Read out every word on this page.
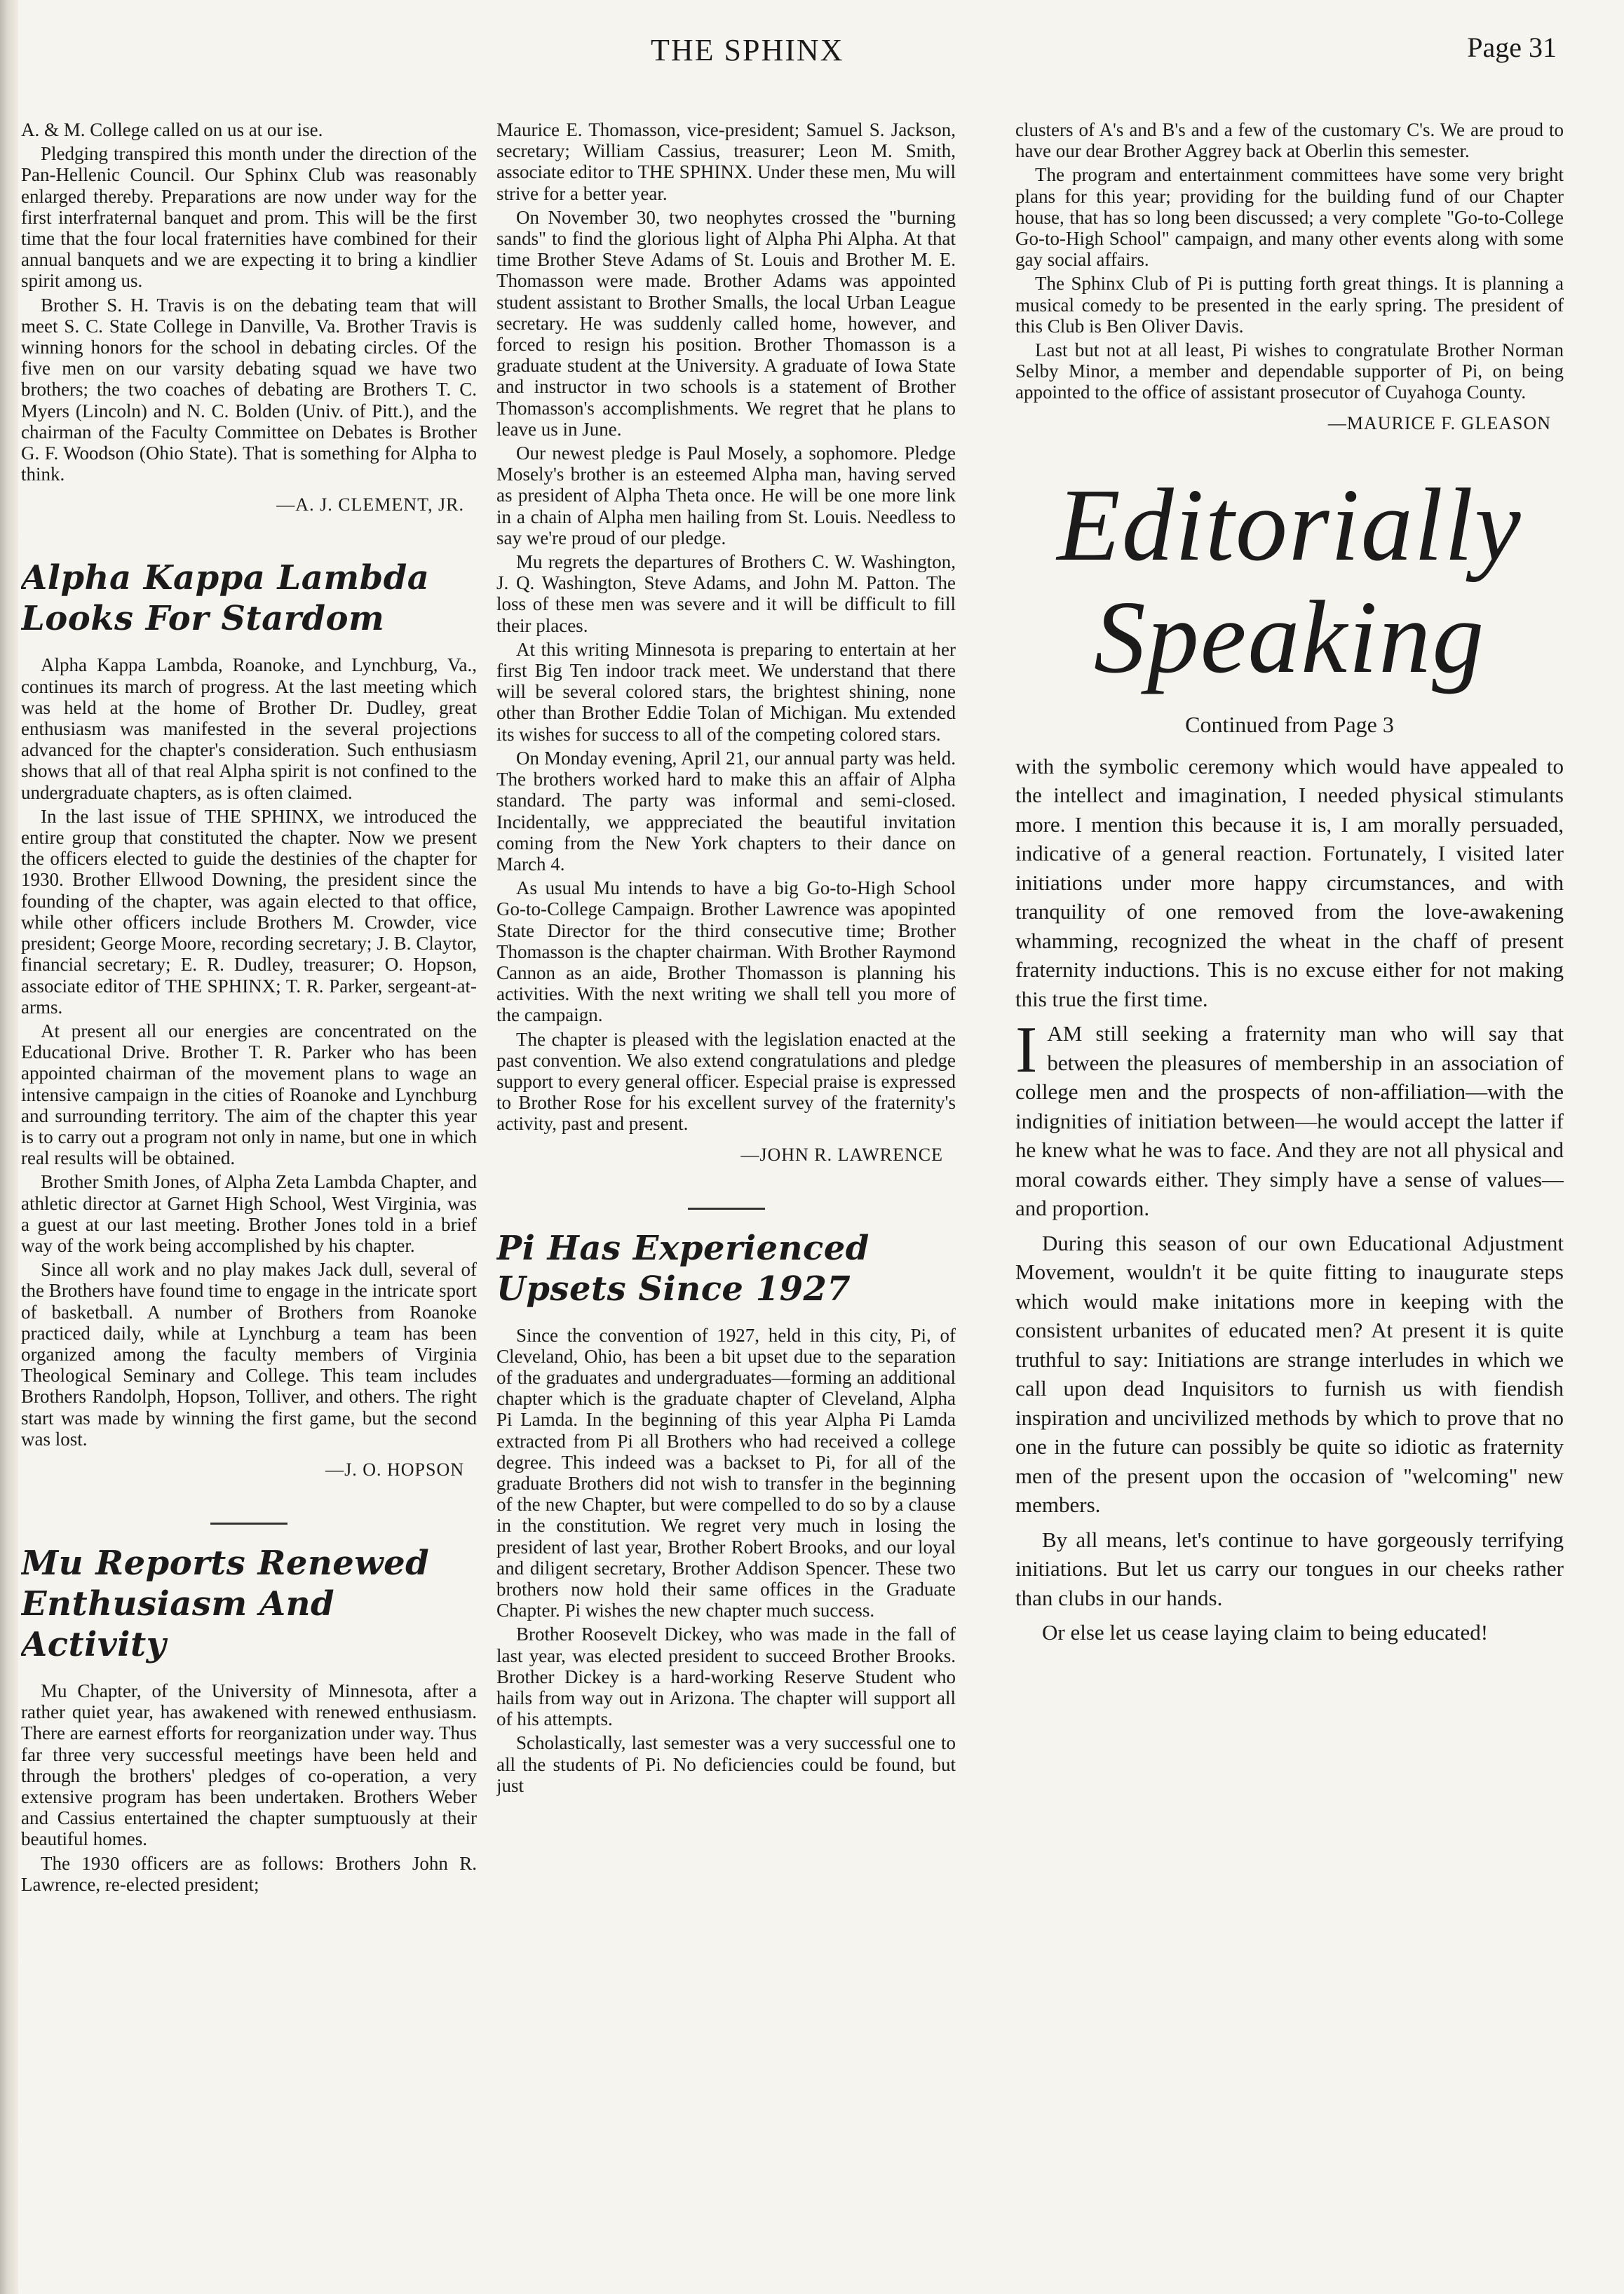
THE SPHINX	Page 31

A. & M. College called on us at our ise.

Pledging transpired this month under the direction of the Pan-Hellenic Council. Our Sphinx Club was reasonably enlarged thereby. Preparations are now under way for the first interfraternal banquet and prom. This will be the first time that the four local fraternities have combined for their annual banquets and we are expecting it to bring a kindlier spirit among us.

Brother S. H. Travis is on the debating team that will meet S. C. State College in Danville, Va. Brother Travis is winning honors for the school in debating circles. Of the five men on our varsity debating squad we have two brothers; the two coaches of debating are Brothers T. C. Myers (Lincoln) and N. C. Bolden (Univ. of Pitt.), and the chairman of the Faculty Committee on Debates is Brother G. F. Woodson (Ohio State). That is something for Alpha to think.

—A. J. CLEMENT, JR.
Alpha Kappa Lambda Looks For Stardom

Alpha Kappa Lambda, Roanoke, and Lynchburg, Va., continues its march of progress. At the last meeting which was held at the home of Brother Dr. Dudley, great enthusiasm was manifested in the several projections advanced for the chapter's consideration. Such enthusiasm shows that all of that real Alpha spirit is not confined to the undergraduate chapters, as is often claimed.

In the last issue of THE SPHINX, we introduced the entire group that constituted the chapter. Now we present the officers elected to guide the destinies of the chapter for 1930. Brother Ellwood Downing, the president since the founding of the chapter, was again elected to that office, while other officers include Brothers M. Crowder, vice president; George Moore, recording secretary; J. B. Claytor, financial secretary; E. R. Dudley, treasurer; O. Hopson, associate editor of THE SPHINX; T. R. Parker, sergeant-at-arms.

At present all our energies are concentrated on the Educational Drive. Brother T. R. Parker who has been appointed chairman of the movement plans to wage an intensive campaign in the cities of Roanoke and Lynchburg and surrounding territory. The aim of the chapter this year is to carry out a program not only in name, but one in which real results will be obtained.

Brother Smith Jones, of Alpha Zeta Lambda Chapter, and athletic director at Garnet High School, West Virginia, was a guest at our last meeting. Brother Jones told in a brief way of the work being accomplished by his chapter.

Since all work and no play makes Jack dull, several of the Brothers have found time to engage in the intricate sport of basketball. A number of Brothers from Roanoke practiced daily, while at Lynchburg a team has been organized among the faculty members of Virginia Theological Seminary and College. This team includes Brothers Randolph, Hopson, Tolliver, and others. The right start was made by winning the first game, but the second was lost.

—J. O. HOPSON
Mu Reports Renewed Enthusiasm And Activity

Mu Chapter, of the University of Minnesota, after a rather quiet year, has awakened with renewed enthusiasm. There are earnest efforts for reorganization under way. Thus far three very successful meetings have been held and through the brothers' pledges of co-operation, a very extensive program has been undertaken. Brothers Weber and Cassius entertained the chapter sumptuously at their beautiful homes.

The 1930 officers are as follows: Brothers John R. Lawrence, re-elected president;

Maurice E. Thomasson, vice-president; Samuel S. Jackson, secretary; William Cassius, treasurer; Leon M. Smith, associate editor to THE SPHINX. Under these men, Mu will strive for a better year.

On November 30, two neophytes crossed the "burning sands" to find the glorious light of Alpha Phi Alpha. At that time Brother Steve Adams of St. Louis and Brother M. E. Thomasson were made. Brother Adams was appointed student assistant to Brother Smalls, the local Urban League secretary. He was suddenly called home, however, and forced to resign his position. Brother Thomasson is a graduate student at the University. A graduate of Iowa State and instructor in two schools is a statement of Brother Thomasson's accomplishments. We regret that he plans to leave us in June.

Our newest pledge is Paul Mosely, a sophomore. Pledge Mosely's brother is an esteemed Alpha man, having served as president of Alpha Theta once. He will be one more link in a chain of Alpha men hailing from St. Louis. Needless to say we're proud of our pledge.

Mu regrets the departures of Brothers C. W. Washington, J. Q. Washington, Steve Adams, and John M. Patton. The loss of these men was severe and it will be difficult to fill their places.

At this writing Minnesota is preparing to entertain at her first Big Ten indoor track meet. We understand that there will be several colored stars, the brightest shining, none other than Brother Eddie Tolan of Michigan. Mu extended its wishes for success to all of the competing colored stars.

On Monday evening, April 21, our annual party was held. The brothers worked hard to make this an affair of Alpha standard. The party was informal and semi-closed. Incidentally, we apppreciated the beautiful invitation coming from the New York chapters to their dance on March 4.

As usual Mu intends to have a big Go-to-High School Go-to-College Campaign. Brother Lawrence was apopinted State Director for the third consecutive time; Brother Thomasson is the chapter chairman. With Brother Raymond Cannon as an aide, Brother Thomasson is planning his activities. With the next writing we shall tell you more of the campaign.

The chapter is pleased with the legislation enacted at the past convention. We also extend congratulations and pledge support to every general officer. Especial praise is expressed to Brother Rose for his excellent survey of the fraternity's activity, past and present.

—JOHN R. LAWRENCE
Pi Has Experienced Upsets Since 1927

Since the convention of 1927, held in this city, Pi, of Cleveland, Ohio, has been a bit upset due to the separation of the graduates and undergraduates—forming an additional chapter which is the graduate chapter of Cleveland, Alpha Pi Lamda. In the beginning of this year Alpha Pi Lamda extracted from Pi all Brothers who had received a college degree. This indeed was a backset to Pi, for all of the graduate Brothers did not wish to transfer in the beginning of the new Chapter, but were compelled to do so by a clause in the constitution. We regret very much in losing the president of last year, Brother Robert Brooks, and our loyal and diligent secretary, Brother Addison Spencer. These two brothers now hold their same offices in the Graduate Chapter. Pi wishes the new chapter much success.

Brother Roosevelt Dickey, who was made in the fall of last year, was elected president to succeed Brother Brooks. Brother Dickey is a hard-working Reserve Student who hails from way out in Arizona. The chapter will support all of his attempts.

Scholastically, last semester was a very successful one to all the students of Pi. No deficiencies could be found, but just

clusters of A's and B's and a few of the customary C's. We are proud to have our dear Brother Aggrey back at Oberlin this semester.

The program and entertainment committees have some very bright plans for this year; providing for the building fund of our Chapter house, that has so long been discussed; a very complete "Go-to-College Go-to-High School" campaign, and many other events along with some gay social affairs.

The Sphinx Club of Pi is putting forth great things. It is planning a musical comedy to be presented in the early spring. The president of this Club is Ben Oliver Davis.

Last but not at all least, Pi wishes to congratulate Brother Norman Selby Minor, a member and dependable supporter of Pi, on being appointed to the office of assistant prosecutor of Cuyahoga County.

—MAURICE F. GLEASON
Editorially
Speaking
Continued from Page 3

with the symbolic ceremony which would have appealed to the intellect and imagination, I needed physical stimulants more. I mention this because it is, I am morally persuaded, indicative of a general reaction. Fortunately, I visited later initiations under more happy circumstances, and with tranquility of one removed from the love-awakening whamming, recognized the wheat in the chaff of present fraternity inductions. This is no excuse either for not making this true the first time.

IAM still seeking a fraternity man who will say that between the pleasures of membership in an association of college men and the prospects of non-affiliation—with the indignities of initiation between—he would accept the latter if he knew what he was to face. And they are not all physical and moral cowards either. They simply have a sense of values—and proportion.

During this season of our own Educational Adjustment Movement, wouldn't it be quite fitting to inaugurate steps which would make initations more in keeping with the consistent urbanites of educated men? At present it is quite truthful to say: Initiations are strange interludes in which we call upon dead Inquisitors to furnish us with fiendish inspiration and uncivilized methods by which to prove that no one in the future can possibly be quite so idiotic as fraternity men of the present upon the occasion of "welcoming" new members.

By all means, let's continue to have gorgeously terrifying initiations. But let us carry our tongues in our cheeks rather than clubs in our hands.

Or else let us cease laying claim to being educated!
